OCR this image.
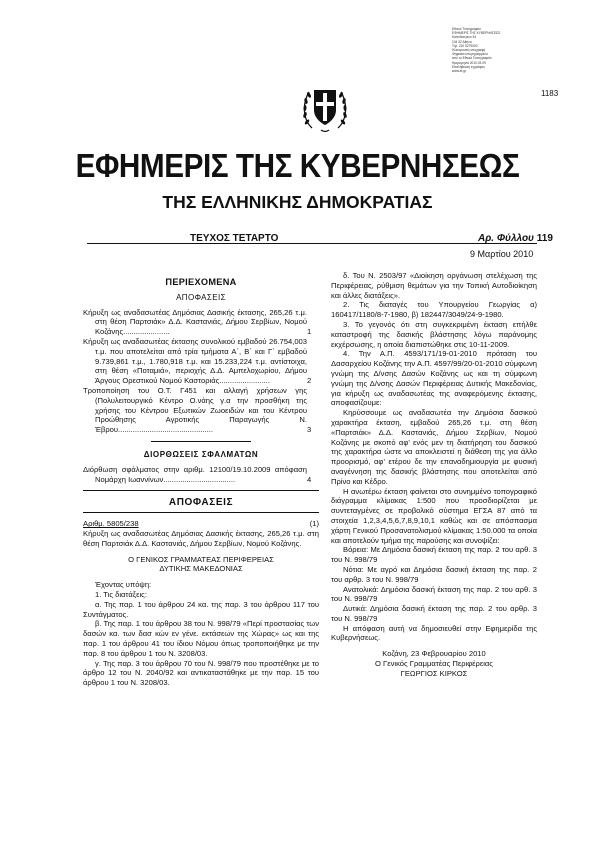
Εθνικό Τυπογραφείο
ΕΦΗΜΕΡΙΣ ΤΗΣ ΚΥΒΕΡΝΗΣΕΩΣ
Καποδιστρίου 34
104 32 Αθήνα
Τηλ. 210 5279000
Ηλεκτρονική υπογραφή
Ψηφιακά υπογεγραμμένο
από το Εθνικό Τυπογραφείο
Ημερομηνία 2010.03.09
Επαλήθευση εγγράφου
www.et.gr
1183
ΕΦΗΜΕΡΙΣ ΤΗΣ ΚΥΒΕΡΝΗΣΕΩΣ
ΤΗΣ ΕΛΛΗΝΙΚΗΣ ΔΗΜΟΚΡΑΤΙΑΣ
ΤΕΥΧΟΣ ΤΕΤΑΡΤΟ	Αρ. Φύλλου 119
9 Μαρτίου 2010
ΠΕΡΙΕΧΟΜΕΝΑ
ΑΠΟΦΑΣΕΙΣ
Κήρυξη ως αναδασωτέας Δημόσιας Δασικής έκτασης, 265,26 τ.μ. στη θέση Παρτσιάκ» Δ.Δ. Καστανιάς, Δήμου Σερβίων, Νομού Κοζάνης......................	1
Κήρυξη ως αναδασωτέας έκτασης συνολικού εμβαδού 26.754,003 τ.μ. που αποτελείται από τρία τμήματα Α΄, Β΄ και Γ΄ εμβαδού 9.739,861 τ.μ., 1.780,918 τ.μ. και 15.233,224 τ.μ. αντίστοιχα, στη θέση «Ποταμιά», περιοχής Δ.Δ. Αμπελοχωρίου, Δήμου Άργους Ορεστικού Νομού Καστοριάς........................	2
Τροποποίηση του Ο.Τ. Γ451 και αλλαγή χρήσεων γης (Πολυλειτουργικό Κέντρο Ο.νάης γ.α την προσθήκη της χρήσης του Κέντρου Εξωτικών Ζωοειδών και του Κέντρου Προώθησης Αγροτικής Παραγωγής Ν. Έβρου.............................................	3
ΔΙΟΡΘΩΣΕΙΣ ΣΦΑΛΜΑΤΩΝ
Διόρθωση σφάλματος στην αριθμ. 12100/19.10.2009 απόφαση Νομάρχη Ιωαννίνων..................................	4
ΑΠΟΦΑΣΕΙΣ
Αριθμ. 5805/238	(1)
Κήρυξη ως αναδασωτέας Δημόσιας Δασικής έκτασης, 265,26 τ.μ. στη θέση Παρτσιάκ Δ.Δ. Καστανιάς, Δήμου Σερβίων, Νομού Κοζάνης.
Ο ΓΕΝΙΚΟΣ ΓΡΑΜΜΑΤΕΑΣ ΠΕΡΙΦΕΡΕΙΑΣ
ΔΥΤΙΚΗΣ ΜΑΚΕΔΟΝΙΑΣ
Έχοντας υπόψη:
1. Τις διατάξεις:
α. Της παρ. 1 του άρθρου 24 κα. της παρ. 3 του άρθρου 117 του Συντάγματος.
β. Της παρ. 1 του άρθρου 38 του Ν. 998/79 «Περί προστασίας των δασών κα. των δασ κών εν γένε. εκτάσεων της Χώρας» ως και της παρ. 1 του άρθρου 41 του ίδιου Νόμου όπως τροποποιήθηκε με την παρ. 8 του άρθρου 1 του Ν. 3208/03.
γ. Της παρ. 3 του άρθρου 70 του Ν. 998/79 που προστέθηκε με το άρθρο 12 του Ν. 2040/92 και αντικαταστάθηκε με την παρ. 15 του άρθρου 1 του Ν. 3208/03.
δ. Του Ν. 2503/97 «Διοίκηση οργάνωση στελέχωση της Περιφέρειας, ρύθμιση θεμάτων για την Τοπική Αυτοδιοίκηση και άλλες διατάξεις».
2. Τις διαταγές του Υπουργείου Γεωργίας α) 160417/1180/8-7-1980, β) 182447/3049/24-9-1980.
3. Το γεγονός ότι στη συγκεκριμένη έκταση επήλθε καταστροφή της δασικής βλάστησης λόγω παράνομης εκχέρσωσης, η οποία διαπιστώθηκε στις 10-11-2009.
4. Την Α.Π. 4593/171/19-01-2010 πρόταση του Δασαρχείου Κοζάνης την Α.Π. 4597/99/20-01-2010 σύμφωνη γνώμη της Δ/νσης Δασών Κοζάνης ως και τη σύμφωνη γνώμη της Δ/νσης Δασών Περιφέρειας Δυτικής Μακεδονίας, για κήρυξη ως αναδασωτέας της αναφερόμενης έκτασης, αποφασίζουμε:
Κηρύσσουμε ως αναδασωτέα την Δημόσια δασικού χαρακτήρα έκταση, εμβαδού 265,26 τ.μ. στη θέση «Παρτσιάκ» Δ.Δ. Καστανιάς, Δήμου Σερβίων, Νομού Κοζάνης με σκοπό αφ’ ενός μεν τη διατήρηση του δασικού της χαρακτήρα ώστε να αποκλειστεί η διάθεση της για άλλο προορισμό, αφ’ ετέρου δε την επαναδημιουργία με φυσική αναγέννηση της δασικής βλάστησης που αποτελείται από Πρίνο και Κέδρο.
Η ανωτέρω έκταση φαίνεται στο συνημμένο τοπογραφικό διάγραμμα κλίμακας 1:500 που προσδιορίζεται με συντεταγμένες σε προβολικό σύστημα ΕΓΣΑ 87 από τα στοιχεία 1,2,3,4,5,6,7,8,9,10,1 καθώς και σε απόσπασμα χάρτη Γενικού Προσανατολισμού κλίμακας 1:50.000 τα οποία και αποτελούν τμήμα της παρούσης και συνοψίζει:
Βόρεια: Με Δημόσια δασική έκταση της παρ. 2 του αρθ. 3 του Ν. 998/79
Νότια: Με αγρό και Δημόσια δασική έκταση της παρ. 2 του αρθρ. 3 του Ν. 998/79
Ανατολικά: Δημόσια δασική έκταση της παρ. 2 του αρθ. 3 του Ν. 998/79
Δυτικά: Δημόσια δασική έκταση της παρ. 2 του αρθρ. 3 του Ν. 998/79
Η απόφαση αυτή να δημοσιευθεί στην Εφημερίδα της Κυβερνήσεως.
Κοζάνη, 23 Φεβρουαρίου 2010
Ο Γενικός Γραμματέας Περιφέρειας
ΓΕΩΡΓΙΟΣ ΚΙΡΚΟΣ
